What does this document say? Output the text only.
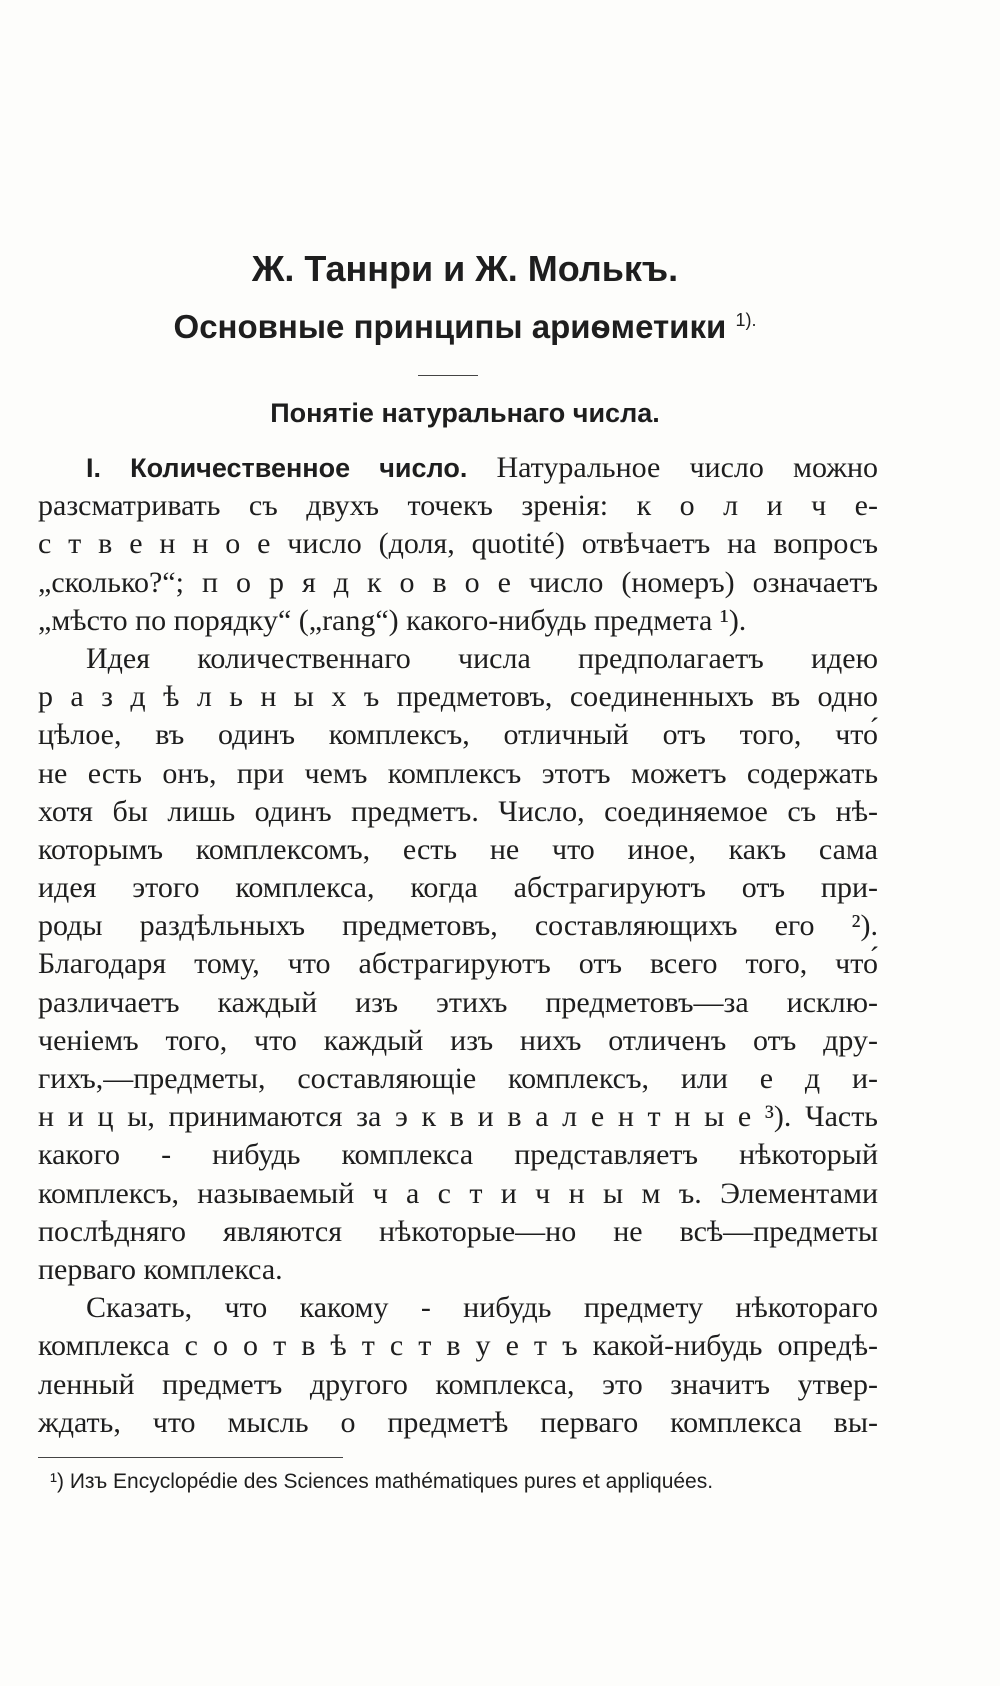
Ж. Таннри и Ж. Молькъ.
Основные принципы ариѳметики $^{1).}$
Понятіе натуральнаго числа.
I. Количественное число. Натуральное число можно
разсматривать съ двухъ точекъ зренія: к о л и ч е-
с т в е н н о е число (доля, quotité) отвѣчаетъ на вопросъ
„сколько?“; п о р я д к о в о е число (номеръ) означаетъ
„мѣсто по порядку“ („rang“) какого-нибудь предмета ¹).
Идея количественнаго числа предполагаетъ идею
р а з д ѣ л ь н ы х ъ предметовъ, соединенныхъ въ одно
цѣлое, въ одинъ комплексъ, отличный отъ того, что́
не есть онъ, при чемъ комплексъ этотъ можетъ содержать
хотя бы лишь одинъ предметъ. Число, соединяемое съ нѣ-
которымъ комплексомъ, есть не что иное, какъ сама
идея этого комплекса, когда абстрагируютъ отъ при-
роды раздѣльныхъ предметовъ, составляющихъ его ²).
Благодаря тому, что абстрагируютъ отъ всего того, что́
различаетъ каждый изъ этихъ предметовъ—за исклю-
ченіемъ того, что каждый изъ нихъ отличенъ отъ дру-
гихъ,—предметы, составляющіе комплексъ, или е д и-
н и ц ы, принимаются за э к в и в а л е н т н ы е ³). Часть
какого - нибудь комплекса представляетъ нѣкоторый
комплексъ, называемый ч а с т и ч н ы м ъ. Элементами
послѣдняго являются нѣкоторые—но не всѣ—предметы
перваго комплекса.
Сказать, что какому - нибудь предмету нѣкотораго
комплекса с о о т в ѣ т с т в у е т ъ какой-нибудь опредѣ-
ленный предметъ другого комплекса, это значитъ утвер-
ждать, что мысль о предметѣ перваго комплекса вы-
¹) Изъ Encyclopédie des Sciences mathématiques pures et appliquées.
